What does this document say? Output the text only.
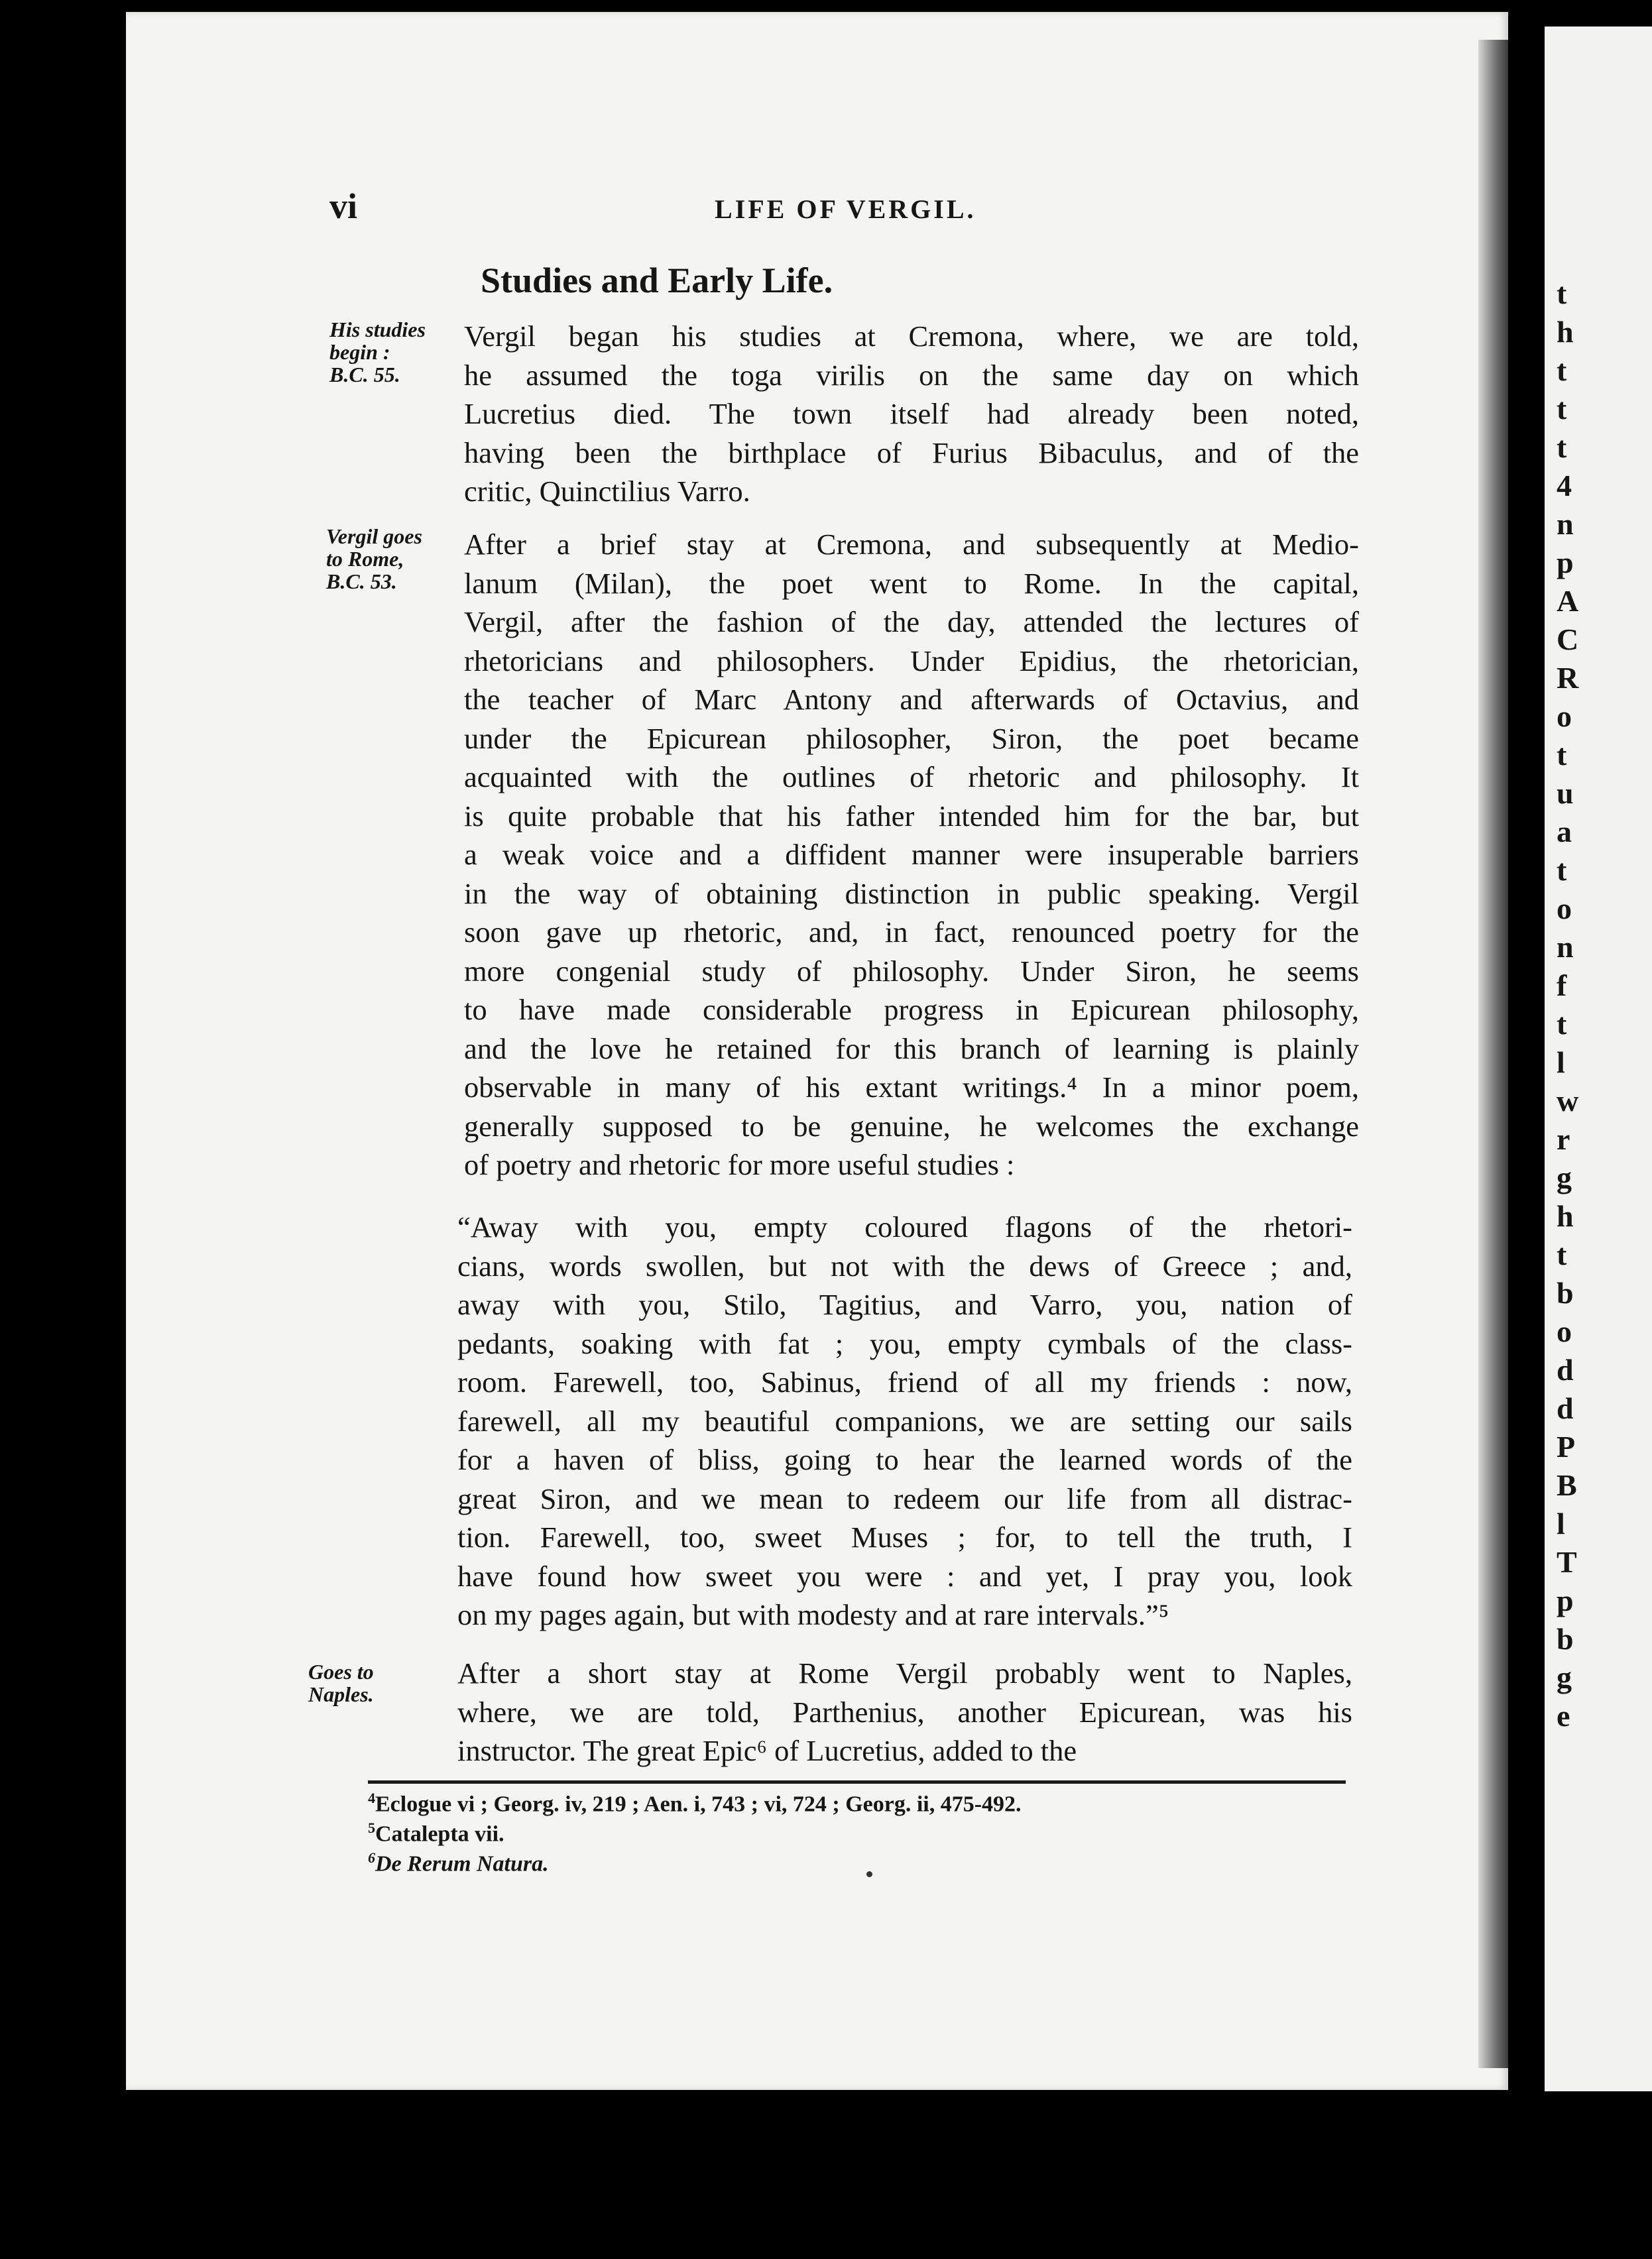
t
h
t
t
t
4
n
p
A
C
R
o
t
u
a
t
o
n
f
t
l
w
r
g
h
t
b
o
d
d
P
B
l
T
p
b
g
e
vi	LIFE OF VERGIL.
Studies and Early Life.
His studies
begin :
B.C. 55.
Vergil goes
to Rome,
B.C. 53.
Goes to
Naples.
Vergil began his studies at Cremona, where, we are told,
he assumed the toga virilis on the same day on which
Lucretius died. The town itself had already been noted,
having been the birthplace of Furius Bibaculus, and of the
critic, Quinctilius Varro.
After a brief stay at Cremona, and subsequently at Medio-
lanum (Milan), the poet went to Rome. In the capital,
Vergil, after the fashion of the day, attended the lectures of
rhetoricians and philosophers. Under Epidius, the rhetorician,
the teacher of Marc Antony and afterwards of Octavius, and
under the Epicurean philosopher, Siron, the poet became
acquainted with the outlines of rhetoric and philosophy. It
is quite probable that his father intended him for the bar, but
a weak voice and a diffident manner were insuperable barriers
in the way of obtaining distinction in public speaking. Vergil
soon gave up rhetoric, and, in fact, renounced poetry for the
more congenial study of philosophy. Under Siron, he seems
to have made considerable progress in Epicurean philosophy,
and the love he retained for this branch of learning is plainly
observable in many of his extant writings.⁴ In a minor poem,
generally supposed to be genuine, he welcomes the exchange
of poetry and rhetoric for more useful studies :
“Away with you, empty coloured flagons of the rhetori-
cians, words swollen, but not with the dews of Greece ; and,
away with you, Stilo, Tagitius, and Varro, you, nation of
pedants, soaking with fat ; you, empty cymbals of the class-
room. Farewell, too, Sabinus, friend of all my friends : now,
farewell, all my beautiful companions, we are setting our sails
for a haven of bliss, going to hear the learned words of the
great Siron, and we mean to redeem our life from all distrac-
tion. Farewell, too, sweet Muses ; for, to tell the truth, I
have found how sweet you were : and yet, I pray you, look
on my pages again, but with modesty and at rare intervals.”⁵
After a short stay at Rome Vergil probably went to Naples,
where, we are told, Parthenius, another Epicurean, was his
instructor. The great Epic⁶ of Lucretius, added to the
$^4$Eclogue vi ; Georg. iv, 219 ; Aen. i, 743 ; vi, 724 ; Georg. ii, 475-492.
$^5$Catalepta vii.
$^6$De Rerum Natura.
